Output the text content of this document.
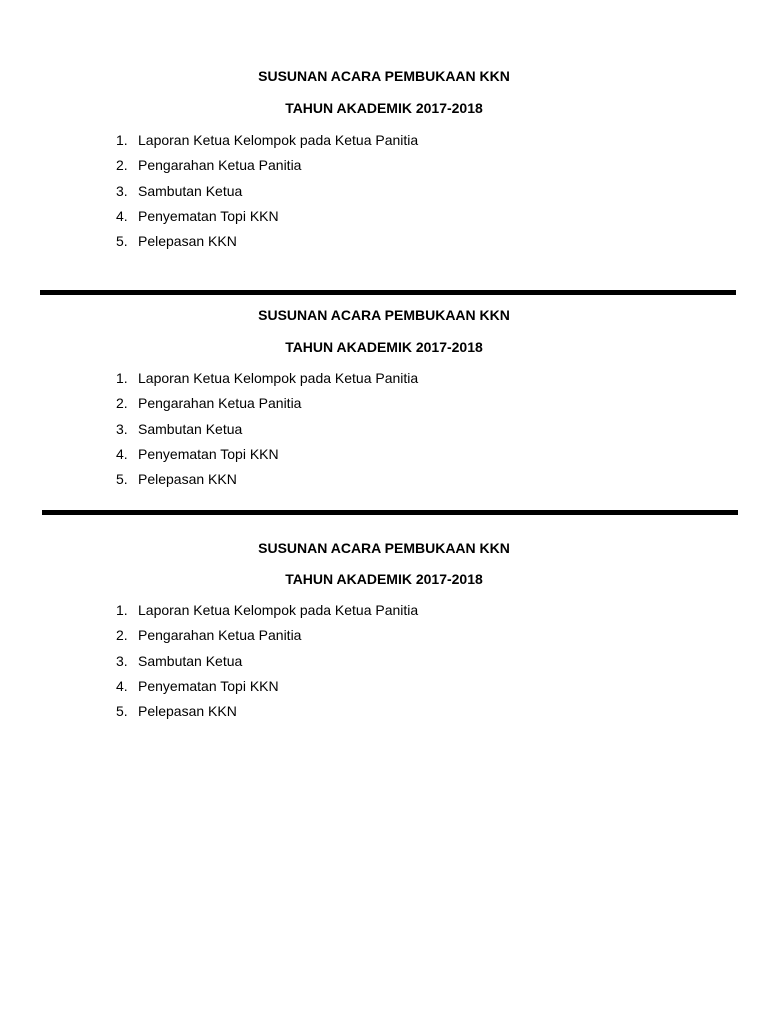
SUSUNAN ACARA PEMBUKAAN KKN
TAHUN AKADEMIK 2017-2018
1. Laporan Ketua Kelompok pada Ketua Panitia
2. Pengarahan Ketua Panitia
3. Sambutan Ketua
4. Penyematan Topi KKN
5. Pelepasan KKN
SUSUNAN ACARA PEMBUKAAN KKN
TAHUN AKADEMIK 2017-2018
1. Laporan Ketua Kelompok pada Ketua Panitia
2. Pengarahan Ketua Panitia
3. Sambutan Ketua
4. Penyematan Topi KKN
5. Pelepasan KKN
SUSUNAN ACARA PEMBUKAAN KKN
TAHUN AKADEMIK 2017-2018
1. Laporan Ketua Kelompok pada Ketua Panitia
2. Pengarahan Ketua Panitia
3. Sambutan Ketua
4. Penyematan Topi KKN
5. Pelepasan KKN
